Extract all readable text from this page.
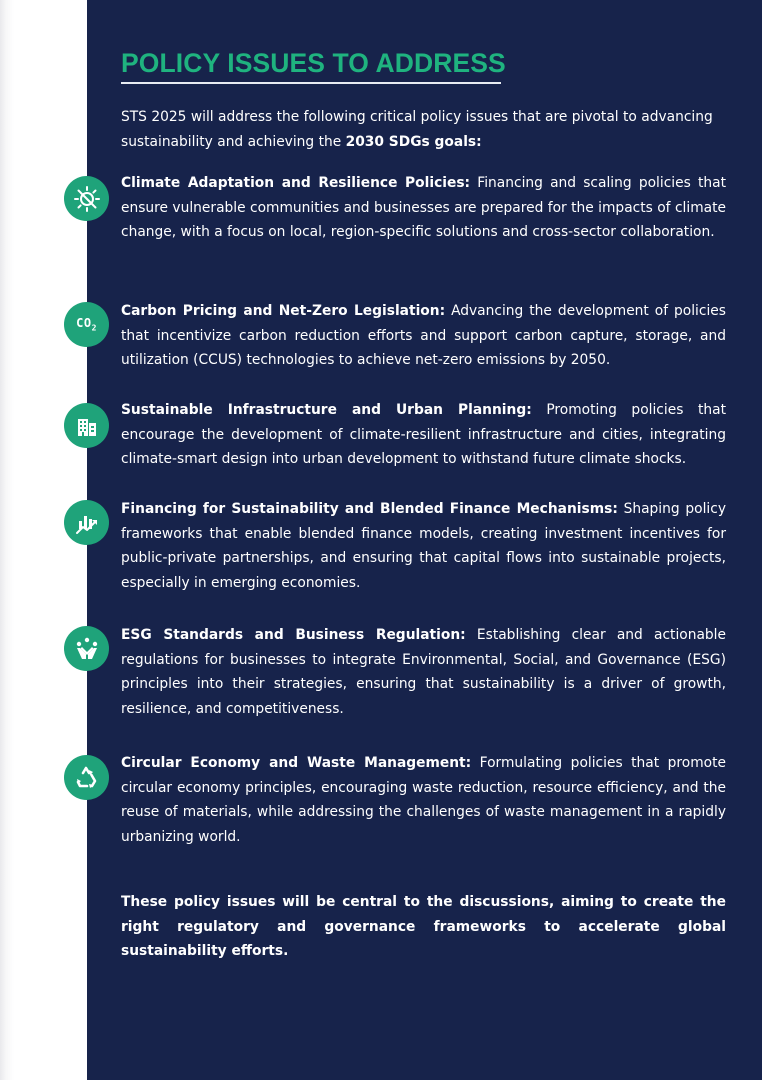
POLICY ISSUES TO ADDRESS

STS 2025 will address the following critical policy issues that are pivotal to advancing sustainability and achieving the 2030 SDGs goals:

Climate Adaptation and Resilience Policies: Financing and scaling policies that ensure vulnerable communities and businesses are prepared for the impacts of climate change, with a focus on local, region-specific solutions and cross-sector collaboration.

$CO_2$

Carbon Pricing and Net-Zero Legislation: Advancing the development of policies that incentivize carbon reduction efforts and support carbon capture, storage, and utilization (CCUS) technologies to achieve net-zero emissions by 2050.

Sustainable Infrastructure and Urban Planning: Promoting policies that encourage the development of climate-resilient infrastructure and cities, integrating climate-smart design into urban development to withstand future climate shocks.

Financing for Sustainability and Blended Finance Mechanisms: Shaping policy frameworks that enable blended finance models, creating investment incentives for public-private partnerships, and ensuring that capital flows into sustainable projects, especially in emerging economies.

ESG Standards and Business Regulation: Establishing clear and actionable regulations for businesses to integrate Environmental, Social, and Governance (ESG) principles into their strategies, ensuring that sustainability is a driver of growth, resilience, and competitiveness.

Circular Economy and Waste Management: Formulating policies that promote circular economy principles, encouraging waste reduction, resource efficiency, and the reuse of materials, while addressing the challenges of waste management in a rapidly urbanizing world.

These policy issues will be central to the discussions, aiming to create the right regulatory and governance frameworks to accelerate global sustainability efforts.
